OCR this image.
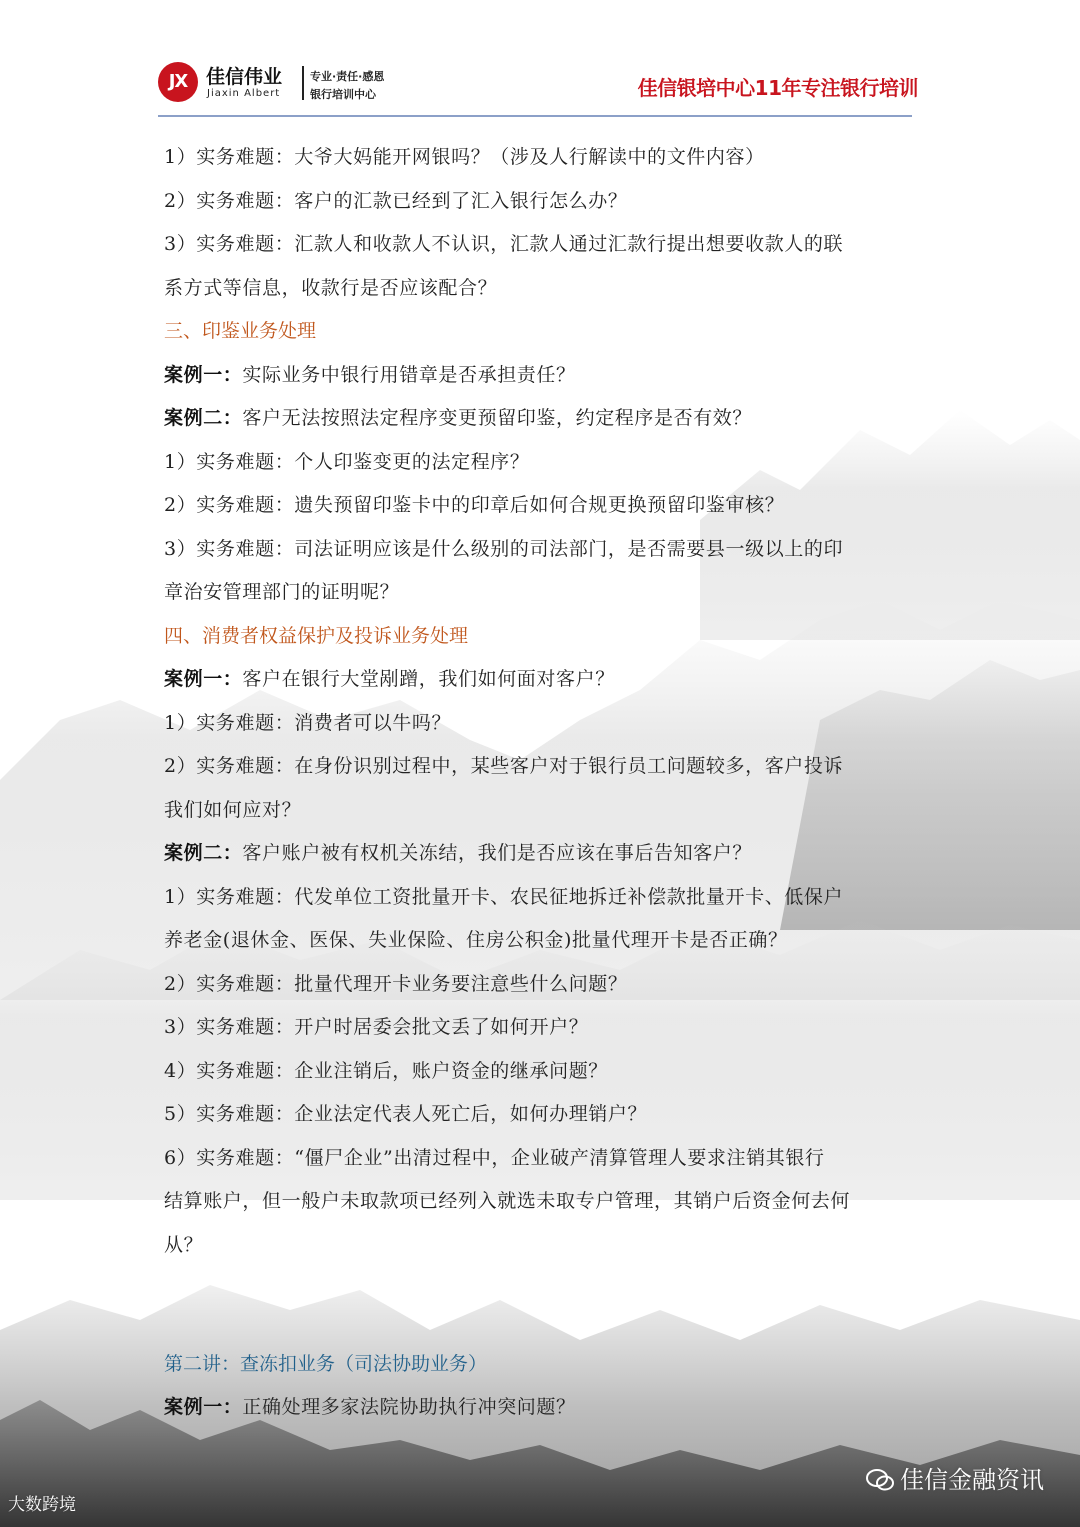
JX 佳信伟业
Jiaxin Albert
专业·责任·感恩
银行培训中心	佳信银培中心11年专注银行培训

1）实务难题：大爷大妈能开网银吗？（涉及人行解读中的文件内容）

2）实务难题：客户的汇款已经到了汇入银行怎么办？

3）实务难题：汇款人和收款人不认识，汇款人通过汇款行提出想要收款人的联

系方式等信息，收款行是否应该配合？

三、印鉴业务处理

案例一：实际业务中银行用错章是否承担责任？

案例二：客户无法按照法定程序变更预留印鉴，约定程序是否有效？

1）实务难题：个人印鉴变更的法定程序？

2）实务难题：遗失预留印鉴卡中的印章后如何合规更换预留印鉴审核？

3）实务难题：司法证明应该是什么级别的司法部门，是否需要县一级以上的印

章治安管理部门的证明呢？

四、消费者权益保护及投诉业务处理

案例一：客户在银行大堂剐蹭，我们如何面对客户？

1）实务难题：消费者可以牛吗？

2）实务难题：在身份识别过程中，某些客户对于银行员工问题较多，客户投诉

我们如何应对？

案例二：客户账户被有权机关冻结，我们是否应该在事后告知客户？

1）实务难题：代发单位工资批量开卡、农民征地拆迁补偿款批量开卡、低保户

养老金(退休金、医保、失业保险、住房公积金)批量代理开卡是否正确？

2）实务难题：批量代理开卡业务要注意些什么问题？

3）实务难题：开户时居委会批文丢了如何开户？

4）实务难题：企业注销后，账户资金的继承问题？

5）实务难题：企业法定代表人死亡后，如何办理销户？

6）实务难题：“僵尸企业”出清过程中，企业破产清算管理人要求注销其银行

结算账户，但一般户未取款项已经列入就选未取专户管理，其销户后资金何去何

从？

第二讲：查冻扣业务（司法协助业务）

案例一：正确处理多家法院协助执行冲突问题？

大数跨境
佳信金融资讯
